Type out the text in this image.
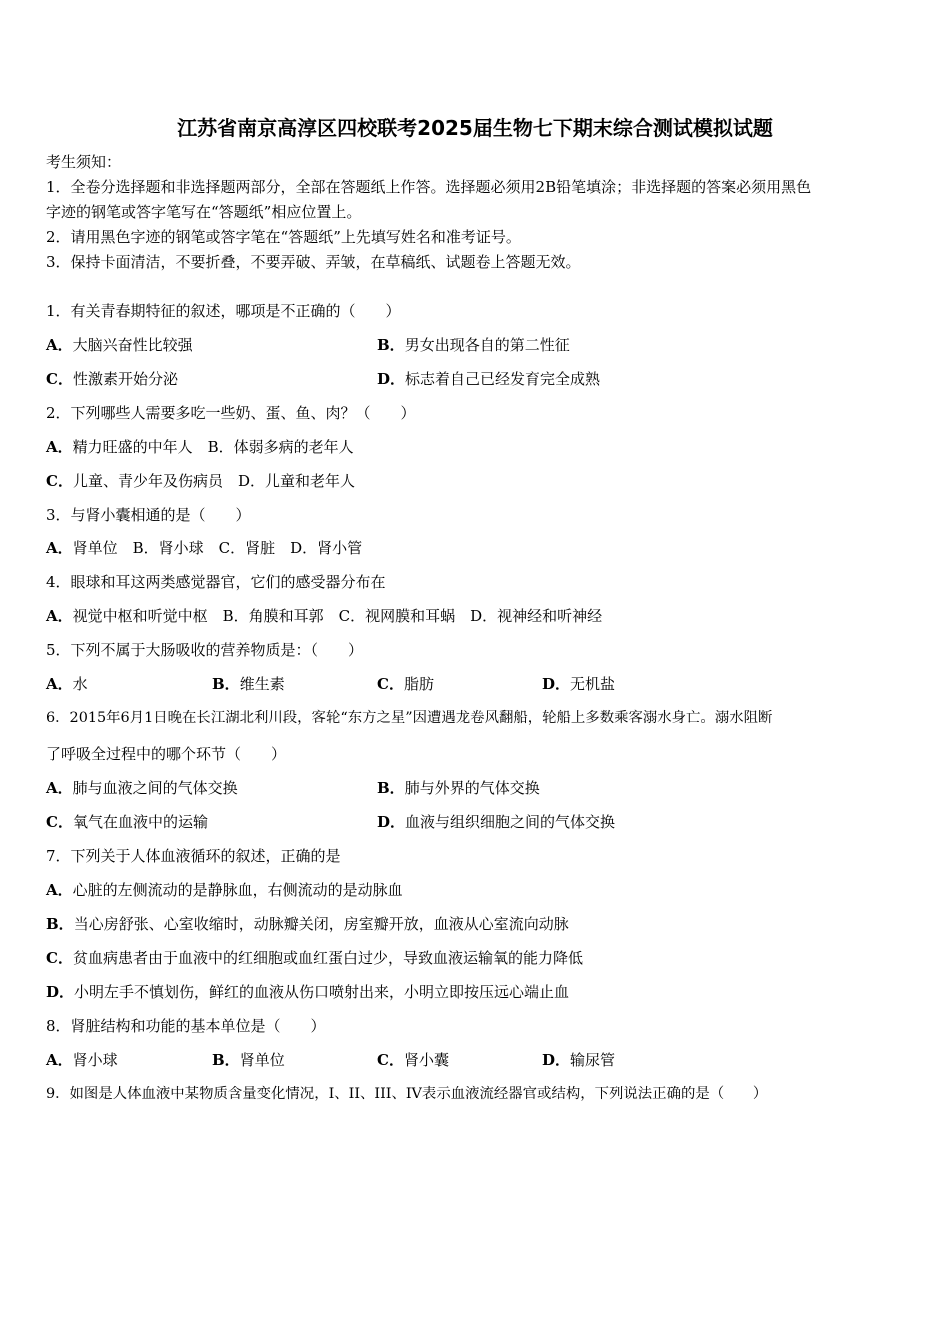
江苏省南京高淳区四校联考2025届生物七下期末综合测试模拟试题
考生须知：
1．全卷分选择题和非选择题两部分，全部在答题纸上作答。选择题必须用2B铅笔填涂；非选择题的答案必须用黑色
字迹的钢笔或答字笔写在“答题纸”相应位置上。
2．请用黑色字迹的钢笔或答字笔在“答题纸”上先填写姓名和准考证号。
3．保持卡面清洁，不要折叠，不要弄破、弄皱，在草稿纸、试题卷上答题无效。
1．有关青春期特征的叙述，哪项是不正确的（　　）
A．大脑兴奋性比较强	B．男女出现各自的第二性征
C．性激素开始分泌	D．标志着自己已经发育完全成熟
2．下列哪些人需要多吃一些奶、蛋、鱼、肉？（　　）
A．精力旺盛的中年人　B．体弱多病的老年人
C．儿童、青少年及伤病员　D．儿童和老年人
3．与肾小囊相通的是（　　）
A．肾单位　B．肾小球　C．肾脏　D．肾小管
4．眼球和耳这两类感觉器官，它们的感受器分布在
A．视觉中枢和听觉中枢　B．角膜和耳郭　C．视网膜和耳蜗　D．视神经和听神经
5．下列不属于大肠吸收的营养物质是：（　　）
A．水	B．维生素	C．脂肪	D．无机盐
6．2015年6月1日晚在长江湖北利川段，客轮“东方之星”因遭遇龙卷风翻船，轮船上多数乘客溺水身亡。溺水阻断
了呼吸全过程中的哪个环节（　　）
A．肺与血液之间的气体交换	B．肺与外界的气体交换
C．氧气在血液中的运输	D．血液与组织细胞之间的气体交换
7．下列关于人体血液循环的叙述，正确的是
A．心脏的左侧流动的是静脉血，右侧流动的是动脉血
B．当心房舒张、心室收缩时，动脉瓣关闭，房室瓣开放，血液从心室流向动脉
C．贫血病患者由于血液中的红细胞或血红蛋白过少，导致血液运输氧的能力降低
D．小明左手不慎划伤，鲜红的血液从伤口喷射出来，小明立即按压远心端止血
8．肾脏结构和功能的基本单位是（　　）
A．肾小球	B．肾单位	C．肾小囊	D．输尿管
9．如图是人体血液中某物质含量变化情况，I、II、III、IV表示血液流经器官或结构，下列说法正确的是（　　）
